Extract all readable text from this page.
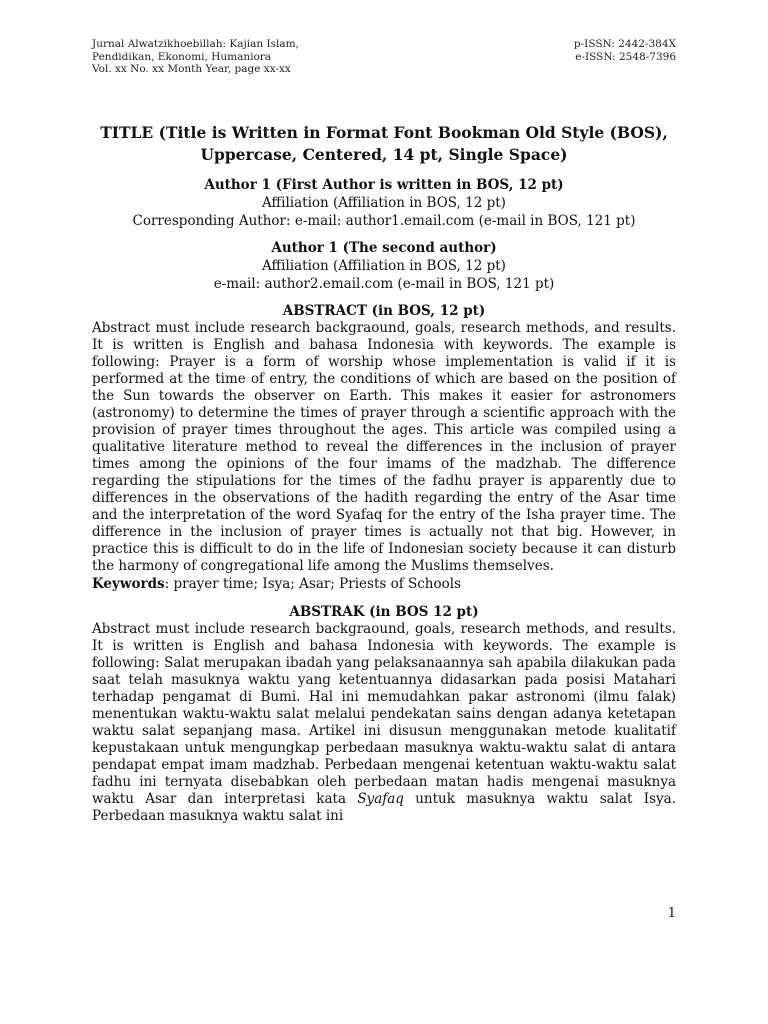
Jurnal Alwatzikhoebillah: Kajian Islam,
Pendidikan, Ekonomi, Humaniora
Vol. xx No. xx Month Year, page xx-xx
p-ISSN: 2442-384X
e-ISSN: 2548-7396
TITLE (Title is Written in Format Font Bookman Old Style (BOS), Uppercase, Centered, 14 pt, Single Space)
Author 1 (First Author is written in BOS, 12 pt)
Affiliation (Affiliation in BOS, 12 pt)
Corresponding Author: e-mail: author1.email.com (e-mail in BOS, 121 pt)
Author 1 (The second author)
Affiliation (Affiliation in BOS, 12 pt)
e-mail: author2.email.com (e-mail in BOS, 121 pt)
ABSTRACT (in BOS, 12 pt)

Abstract must include research backgraound, goals, research methods, and results. It is written is English and bahasa Indonesia with keywords. The example is following: Prayer is a form of worship whose implementation is valid if it is performed at the time of entry, the conditions of which are based on the position of the Sun towards the observer on Earth. This makes it easier for astronomers (astronomy) to determine the times of prayer through a scientific approach with the provision of prayer times throughout the ages. This article was compiled using a qualitative literature method to reveal the differences in the inclusion of prayer times among the opinions of the four imams of the madzhab. The difference regarding the stipulations for the times of the fadhu prayer is apparently due to differences in the observations of the hadith regarding the entry of the Asar time and the interpretation of the word Syafaq for the entry of the Isha prayer time. The difference in the inclusion of prayer times is actually not that big. However, in practice this is difficult to do in the life of Indonesian society because it can disturb the harmony of congregational life among the Muslims themselves.

Keywords: prayer time; Isya; Asar; Priests of Schools
ABSTRAK (in BOS 12 pt)

Abstract must include research backgraound, goals, research methods, and results. It is written is English and bahasa Indonesia with keywords. The example is following: Salat merupakan ibadah yang pelaksanaannya sah apabila dilakukan pada saat telah masuknya waktu yang ketentuannya didasarkan pada posisi Matahari terhadap pengamat di Bumi. Hal ini memudahkan pakar astronomi (ilmu falak) menentukan waktu-waktu salat melalui pendekatan sains dengan adanya ketetapan waktu salat sepanjang masa. Artikel ini disusun menggunakan metode kualitatif kepustakaan untuk mengungkap perbedaan masuknya waktu-waktu salat di antara pendapat empat imam madzhab. Perbedaan mengenai ketentuan waktu-waktu salat fadhu ini ternyata disebabkan oleh perbedaan matan hadis mengenai masuknya waktu Asar dan interpretasi kata Syafaq untuk masuknya waktu salat Isya. Perbedaan masuknya waktu salat ini

1
